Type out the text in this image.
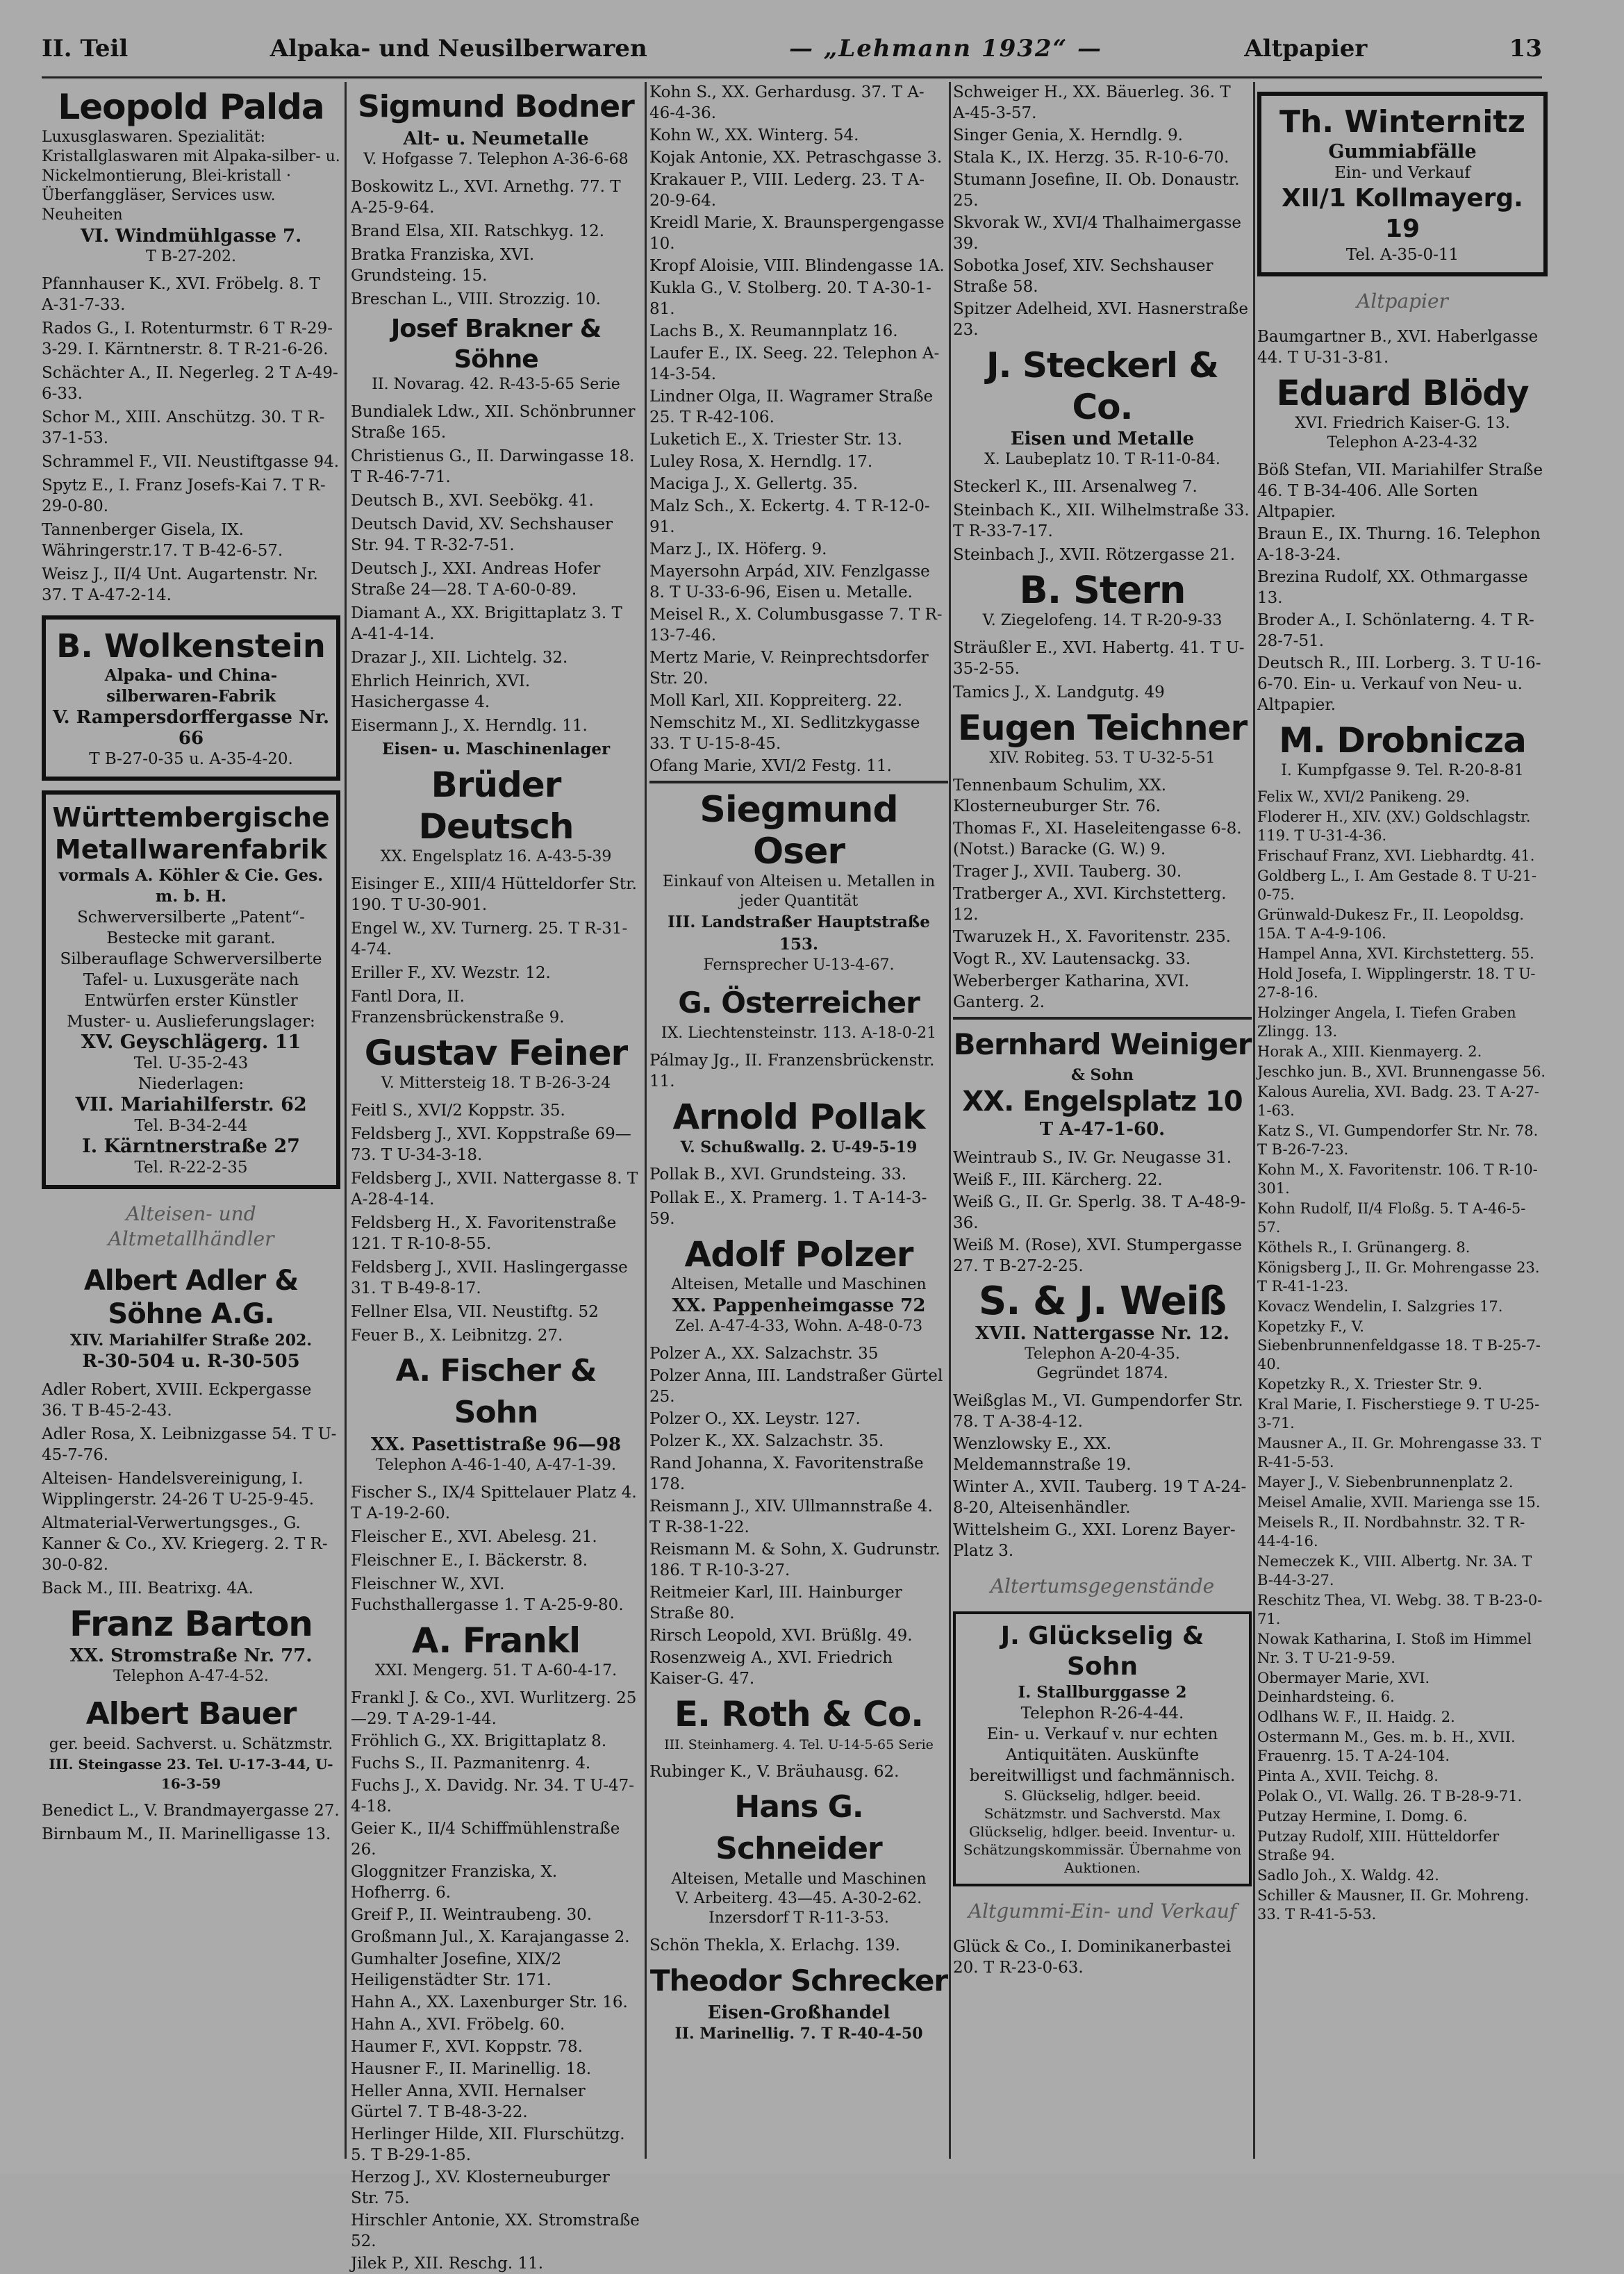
II. Teil	Alpaka- und Neusilberwaren	— „Lehmann 1932“ —	Altpapier	13
Leopold Palda
Luxusglaswaren. Spezialität: Kristallglaswaren mit Alpaka-silber- u. Nickelmontierung, Blei-kristall · Überfanggläser, Services usw. Neuheiten
VI. Windmühlgasse 7.
T B-27-202.
Pfannhauser K., XVI. Fröbelg. 8. T A-31-7-33.
Rados G., I. Rotenturmstr. 6 T R-29-3-29. I. Kärntnerstr. 8. T R-21-6-26.
Schächter A., II. Negerleg. 2 T A-49-6-33.
Schor M., XIII. Anschützg. 30. T R-37-1-53.
Schrammel F., VII. Neustiftgasse 94.
Spytz E., I. Franz Josefs-Kai 7. T R-29-0-80.
Tannenberger Gisela, IX. Währingerstr.17. T B-42-6-57.
Weisz J., II/4 Unt. Augartenstr. Nr. 37. T A-47-2-14.
B. Wolkenstein
Alpaka- und China-silberwaren-Fabrik
V. Rampersdorffergasse Nr. 66
T B-27-0-35 u. A-35-4-20.
Württembergische Metallwarenfabrik
vormals A. Köhler & Cie. Ges. m. b. H.
Schwerversilberte „Patent“-Bestecke mit garant. Silberauflage Schwerversilberte Tafel- u. Luxusgeräte nach Entwürfen erster Künstler
Muster- u. Auslieferungslager:
XV. Geyschlägerg. 11
Tel. U-35-2-43
Niederlagen:
VII. Mariahilferstr. 62
Tel. B-34-2-44
I. Kärntnerstraße 27
Tel. R-22-2-35
Alteisen- und Altmetallhändler
Albert Adler & Söhne A.G.
XIV. Mariahilfer Straße 202.
R-30-504 u. R-30-505
Adler Robert, XVIII. Eckpergasse 36. T B-45-2-43.
Adler Rosa, X. Leibnizgasse 54. T U-45-7-76.
Alteisen- Handelsvereinigung, I. Wipplingerstr. 24-26 T U-25-9-45.
Altmaterial-Verwertungsges., G. Kanner & Co., XV. Kriegerg. 2. T R-30-0-82.
Back M., III. Beatrixg. 4A.
Franz Barton
XX. Stromstraße Nr. 77.
Telephon A-47-4-52.
Albert Bauer
ger. beeid. Sachverst. u. Schätzmstr.
III. Steingasse 23. Tel. U-17-3-44, U-16-3-59
Benedict L., V. Brandmayergasse 27.
Birnbaum M., II. Marinelligasse 13.
Sigmund Bodner
Alt- u. Neumetalle
V. Hofgasse 7. Telephon A-36-6-68
Boskowitz L., XVI. Arnethg. 77. T A-25-9-64.
Brand Elsa, XII. Ratschkyg. 12.
Bratka Franziska, XVI. Grundsteing. 15.
Breschan L., VIII. Strozzig. 10.
Josef Brakner & Söhne
II. Novarag. 42. R-43-5-65 Serie
Bundialek Ldw., XII. Schönbrunner Straße 165.
Christienus G., II. Darwingasse 18. T R-46-7-71.
Deutsch B., XVI. Seebökg. 41.
Deutsch David, XV. Sechshauser Str. 94. T R-32-7-51.
Deutsch J., XXI. Andreas Hofer Straße 24—28. T A-60-0-89.
Diamant A., XX. Brigittaplatz 3. T A-41-4-14.
Drazar J., XII. Lichtelg. 32.
Ehrlich Heinrich, XVI. Hasichergasse 4.
Eisermann J., X. Herndlg. 11.
Eisen- u. Maschinenlager
Brüder Deutsch
XX. Engelsplatz 16. A-43-5-39
Eisinger E., XIII/4 Hütteldorfer Str. 190. T U-30-901.
Engel W., XV. Turnerg. 25. T R-31-4-74.
Eriller F., XV. Wezstr. 12.
Fantl Dora, II. Franzensbrückenstraße 9.
Gustav Feiner
V. Mittersteig 18. T B-26-3-24
Feitl S., XVI/2 Koppstr. 35.
Feldsberg J., XVI. Koppstraße 69—73. T U-34-3-18.
Feldsberg J., XVII. Nattergasse 8. T A-28-4-14.
Feldsberg H., X. Favoritenstraße 121. T R-10-8-55.
Feldsberg J., XVII. Haslingergasse 31. T B-49-8-17.
Fellner Elsa, VII. Neustiftg. 52
Feuer B., X. Leibnitzg. 27.
A. Fischer & Sohn
XX. Pasettistraße 96—98
Telephon A-46-1-40, A-47-1-39.
Fischer S., IX/4 Spittelauer Platz 4. T A-19-2-60.
Fleischer E., XVI. Abelesg. 21.
Fleischner E., I. Bäckerstr. 8.
Fleischner W., XVI. Fuchsthallergasse 1. T A-25-9-80.
A. Frankl
XXI. Mengerg. 51. T A-60-4-17.
Frankl J. & Co., XVI. Wurlitzerg. 25—29. T A-29-1-44.
Fröhlich G., XX. Brigittaplatz 8.
Fuchs S., II. Pazmanitenrg. 4.
Fuchs J., X. Davidg. Nr. 34. T U-47-4-18.
Geier K., II/4 Schiffmühlenstraße 26.
Gloggnitzer Franziska, X. Hofherrg. 6.
Greif P., II. Weintraubeng. 30.
Großmann Jul., X. Karajangasse 2.
Gumhalter Josefine, XIX/2 Heiligenstädter Str. 171.
Hahn A., XX. Laxenburger Str. 16.
Hahn A., XVI. Fröbelg. 60.
Haumer F., XVI. Koppstr. 78.
Hausner F., II. Marinellig. 18.
Heller Anna, XVII. Hernalser Gürtel 7. T B-48-3-22.
Herlinger Hilde, XII. Flurschützg. 5. T B-29-1-85.
Herzog J., XV. Klosterneuburger Str. 75.
Hirschler Antonie, XX. Stromstraße 52.
Jilek P., XII. Reschg. 11.
Kohn S., XX. Gerhardusg. 37. T A-46-4-36.
Kohn W., XX. Winterg. 54.
Kojak Antonie, XX. Petraschgasse 3.
Krakauer P., VIII. Lederg. 23. T A-20-9-64.
Kreidl Marie, X. Braunspergengasse 10.
Kropf Aloisie, VIII. Blindengasse 1A.
Kukla G., V. Stolberg. 20. T A-30-1-81.
Lachs B., X. Reumannplatz 16.
Laufer E., IX. Seeg. 22. Telephon A-14-3-54.
Lindner Olga, II. Wagramer Straße 25. T R-42-106.
Luketich E., X. Triester Str. 13.
Luley Rosa, X. Herndlg. 17.
Maciga J., X. Gellertg. 35.
Malz Sch., X. Eckertg. 4. T R-12-0-91.
Marz J., IX. Höferg. 9.
Mayersohn Arpád, XIV. Fenzlgasse 8. T U-33-6-96, Eisen u. Metalle.
Meisel R., X. Columbusgasse 7. T R-13-7-46.
Mertz Marie, V. Reinprechtsdorfer Str. 20.
Moll Karl, XII. Koppreiterg. 22.
Nemschitz M., XI. Sedlitzkygasse 33. T U-15-8-45.
Ofang Marie, XVI/2 Festg. 11.
Siegmund Oser
Einkauf von Alteisen u. Metallen in jeder Quantität
III. Landstraßer Hauptstraße 153.
Fernsprecher U-13-4-67.
G. Österreicher
IX. Liechtensteinstr. 113. A-18-0-21
Pálmay Jg., II. Franzensbrückenstr. 11.
Arnold Pollak
V. Schußwallg. 2. U-49-5-19
Pollak B., XVI. Grundsteing. 33.
Pollak E., X. Pramerg. 1. T A-14-3-59.
Adolf Polzer
Alteisen, Metalle und Maschinen
XX. Pappenheimgasse 72
Zel. A-47-4-33, Wohn. A-48-0-73
Polzer A., XX. Salzachstr. 35
Polzer Anna, III. Landstraßer Gürtel 25.
Polzer O., XX. Leystr. 127.
Polzer K., XX. Salzachstr. 35.
Rand Johanna, X. Favoritenstraße 178.
Reismann J., XIV. Ullmannstraße 4. T R-38-1-22.
Reismann M. & Sohn, X. Gudrunstr. 186. T R-10-3-27.
Reitmeier Karl, III. Hainburger Straße 80.
Rirsch Leopold, XVI. Brüßlg. 49.
Rosenzweig A., XVI. Friedrich Kaiser-G. 47.
E. Roth & Co.
III. Steinhamerg. 4. Tel. U-14-5-65 Serie
Rubinger K., V. Bräuhausg. 62.
Hans G. Schneider
Alteisen, Metalle und Maschinen
V. Arbeiterg. 43—45. A-30-2-62.
Inzersdorf T R-11-3-53.
Schön Thekla, X. Erlachg. 139.
Theodor Schrecker
Eisen-Großhandel
II. Marinellig. 7. T R-40-4-50
Schweiger H., XX. Bäuerleg. 36. T A-45-3-57.
Singer Genia, X. Herndlg. 9.
Stala K., IX. Herzg. 35. R-10-6-70.
Stumann Josefine, II. Ob. Donaustr. 25.
Skvorak W., XVI/4 Thalhaimergasse 39.
Sobotka Josef, XIV. Sechshauser Straße 58.
Spitzer Adelheid, XVI. Hasnerstraße 23.
J. Steckerl & Co.
Eisen und Metalle
X. Laubeplatz 10. T R-11-0-84.
Steckerl K., III. Arsenalweg 7.
Steinbach K., XII. Wilhelmstraße 33. T R-33-7-17.
Steinbach J., XVII. Rötzergasse 21.
B. Stern
V. Ziegelofeng. 14. T R-20-9-33
Sträußler E., XVI. Habertg. 41. T U-35-2-55.
Tamics J., X. Landgutg. 49
Eugen Teichner
XIV. Robiteg. 53. T U-32-5-51
Tennenbaum Schulim, XX. Klosterneuburger Str. 76.
Thomas F., XI. Haseleitengasse 6-8. (Notst.) Baracke (G. W.) 9.
Trager J., XVII. Tauberg. 30.
Tratberger A., XVI. Kirchstetterg. 12.
Twaruzek H., X. Favoritenstr. 235.
Vogt R., XV. Lautensackg. 33.
Weberberger Katharina, XVI. Ganterg. 2.
Bernhard Weiniger
& Sohn
XX. Engelsplatz 10
T A-47-1-60.
Weintraub S., IV. Gr. Neugasse 31.
Weiß F., III. Kärcherg. 22.
Weiß G., II. Gr. Sperlg. 38. T A-48-9-36.
Weiß M. (Rose), XVI. Stumpergasse 27. T B-27-2-25.
S. & J. Weiß
XVII. Nattergasse Nr. 12.
Telephon A-20-4-35.
Gegründet 1874.
Weißglas M., VI. Gumpendorfer Str. 78. T A-38-4-12.
Wenzlowsky E., XX. Meldemannstraße 19.
Winter A., XVII. Tauberg. 19 T A-24-8-20, Alteisenhändler.
Wittelsheim G., XXI. Lorenz Bayer-Platz 3.
Altertumsgegenstände
J. Glückselig & Sohn
I. Stallburggasse 2
Telephon R-26-4-44.
Ein- u. Verkauf v. nur echten Antiquitäten. Auskünfte bereitwilligst und fachmännisch.
S. Glückselig, hdlger. beeid. Schätzmstr. und Sachverstd. Max Glückselig, hdlger. beeid. Inventur- u. Schätzungskommissär. Übernahme von Auktionen.
Altgummi-Ein- und Verkauf
Glück & Co., I. Dominikanerbastei 20. T R-23-0-63.
Th. Winternitz
Gummiabfälle
Ein- und Verkauf
XII/1 Kollmayerg. 19
Tel. A-35-0-11
Altpapier
Baumgartner B., XVI. Haberlgasse 44. T U-31-3-81.
Eduard Blödy
XVI. Friedrich Kaiser-G. 13.
Telephon A-23-4-32
Böß Stefan, VII. Mariahilfer Straße 46. T B-34-406. Alle Sorten Altpapier.
Braun E., IX. Thurng. 16. Telephon A-18-3-24.
Brezina Rudolf, XX. Othmargasse 13.
Broder A., I. Schönlaterng. 4. T R-28-7-51.
Deutsch R., III. Lorberg. 3. T U-16-6-70. Ein- u. Verkauf von Neu- u. Altpapier.
M. Drobnicza
I. Kumpfgasse 9. Tel. R-20-8-81
Felix W., XVI/2 Panikeng. 29.
Floderer H., XIV. (XV.) Goldschlagstr. 119. T U-31-4-36.
Frischauf Franz, XVI. Liebhardtg. 41.
Goldberg L., I. Am Gestade 8. T U-21-0-75.
Grünwald-Dukesz Fr., II. Leopoldsg. 15A. T A-4-9-106.
Hampel Anna, XVI. Kirchstetterg. 55.
Hold Josefa, I. Wipplingerstr. 18. T U-27-8-16.
Holzinger Angela, I. Tiefen Graben Zlingg. 13.
Horak A., XIII. Kienmayerg. 2.
Jeschko jun. B., XVI. Brunnengasse 56.
Kalous Aurelia, XVI. Badg. 23. T A-27-1-63.
Katz S., VI. Gumpendorfer Str. Nr. 78. T B-26-7-23.
Kohn M., X. Favoritenstr. 106. T R-10-301.
Kohn Rudolf, II/4 Floßg. 5. T A-46-5-57.
Köthels R., I. Grünangerg. 8.
Königsberg J., II. Gr. Mohrengasse 23. T R-41-1-23.
Kovacz Wendelin, I. Salzgries 17.
Kopetzky F., V. Siebenbrunnenfeldgasse 18. T B-25-7-40.
Kopetzky R., X. Triester Str. 9.
Kral Marie, I. Fischerstiege 9. T U-25-3-71.
Mausner A., II. Gr. Mohrengasse 33. T R-41-5-53.
Mayer J., V. Siebenbrunnenplatz 2.
Meisel Amalie, XVII. Marienga sse 15.
Meisels R., II. Nordbahnstr. 32. T R-44-4-16.
Nemeczek K., VIII. Albertg. Nr. 3A. T B-44-3-27.
Reschitz Thea, VI. Webg. 38. T B-23-0-71.
Nowak Katharina, I. Stoß im Himmel Nr. 3. T U-21-9-59.
Obermayer Marie, XVI. Deinhardsteing. 6.
Odlhans W. F., II. Haidg. 2.
Ostermann M., Ges. m. b. H., XVII. Frauenrg. 15. T A-24-104.
Pinta A., XVII. Teichg. 8.
Polak O., VI. Wallg. 26. T B-28-9-71.
Putzay Hermine, I. Domg. 6.
Putzay Rudolf, XIII. Hütteldorfer Straße 94.
Sadlo Joh., X. Waldg. 42.
Schiller & Mausner, II. Gr. Mohreng. 33. T R-41-5-53.
